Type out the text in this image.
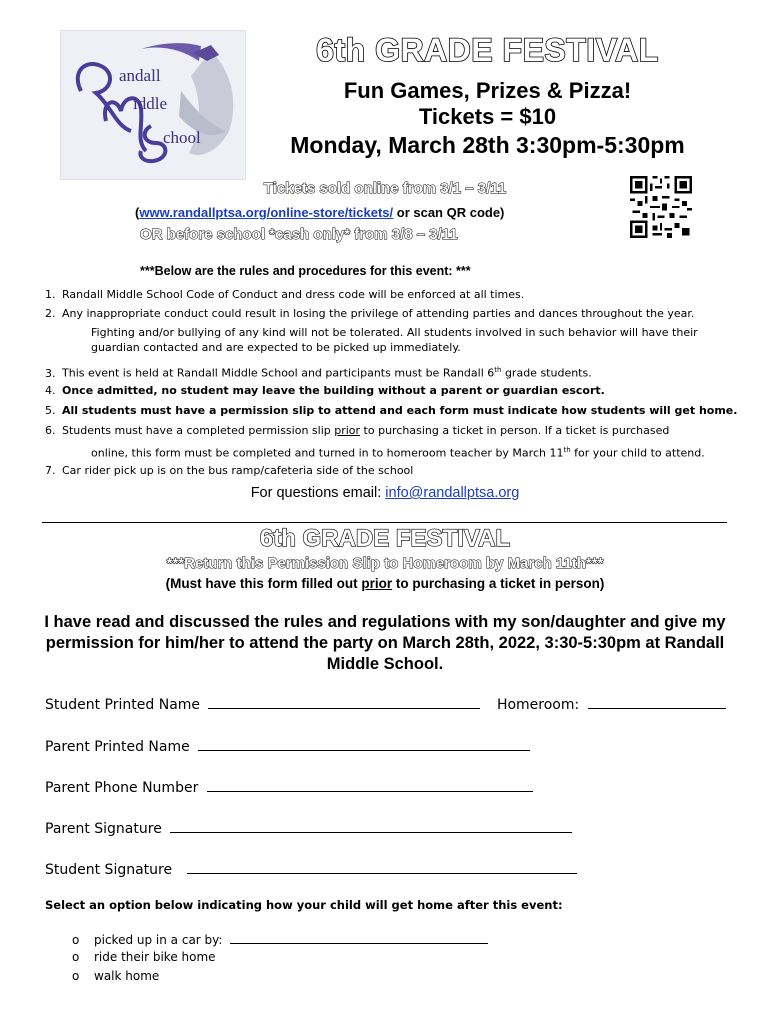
andall
iddle
chool
6th GRADE FESTIVAL
Fun Games, Prizes & Pizza!
Tickets = $10
Monday, March 28th 3:30pm-5:30pm
Tickets sold online from 3/1 – 3/11
(www.randallptsa.org/online-store/tickets/ or scan QR code)
OR before school *cash only* from 3/8 – 3/11
***Below are the rules and procedures for this event: ***
1. Randall Middle School Code of Conduct and dress code will be enforced at all times.
2. Any inappropriate conduct could result in losing the privilege of attending parties and dances throughout the year.
Fighting and/or bullying of any kind will not be tolerated. All students involved in such behavior will have their
guardian contacted and are expected to be picked up immediately.
3. This event is held at Randall Middle School and participants must be Randall 6th grade students.
4. Once admitted, no student may leave the building without a parent or guardian escort.
5. All students must have a permission slip to attend and each form must indicate how students will get home.
6. Students must have a completed permission slip prior to purchasing a ticket in person. If a ticket is purchased
online, this form must be completed and turned in to homeroom teacher by March 11th for your child to attend.
7. Car rider pick up is on the bus ramp/cafeteria side of the school
For questions email: info@randallptsa.org
6th GRADE FESTIVAL
***Return this Permission Slip to Homeroom by March 11th***
(Must have this form filled out prior to purchasing a ticket in person)
I have read and discussed the rules and regulations with my son/daughter and give my permission for him/her to attend the party on March 28th, 2022, 3:30-5:30pm at Randall Middle School.
Student Printed Name	Homeroom:
Parent Printed Name
Parent Phone Number
Parent Signature
Student Signature
Select an option below indicating how your child will get home after this event:
o picked up in a car by:
o ride their bike home
o walk home
